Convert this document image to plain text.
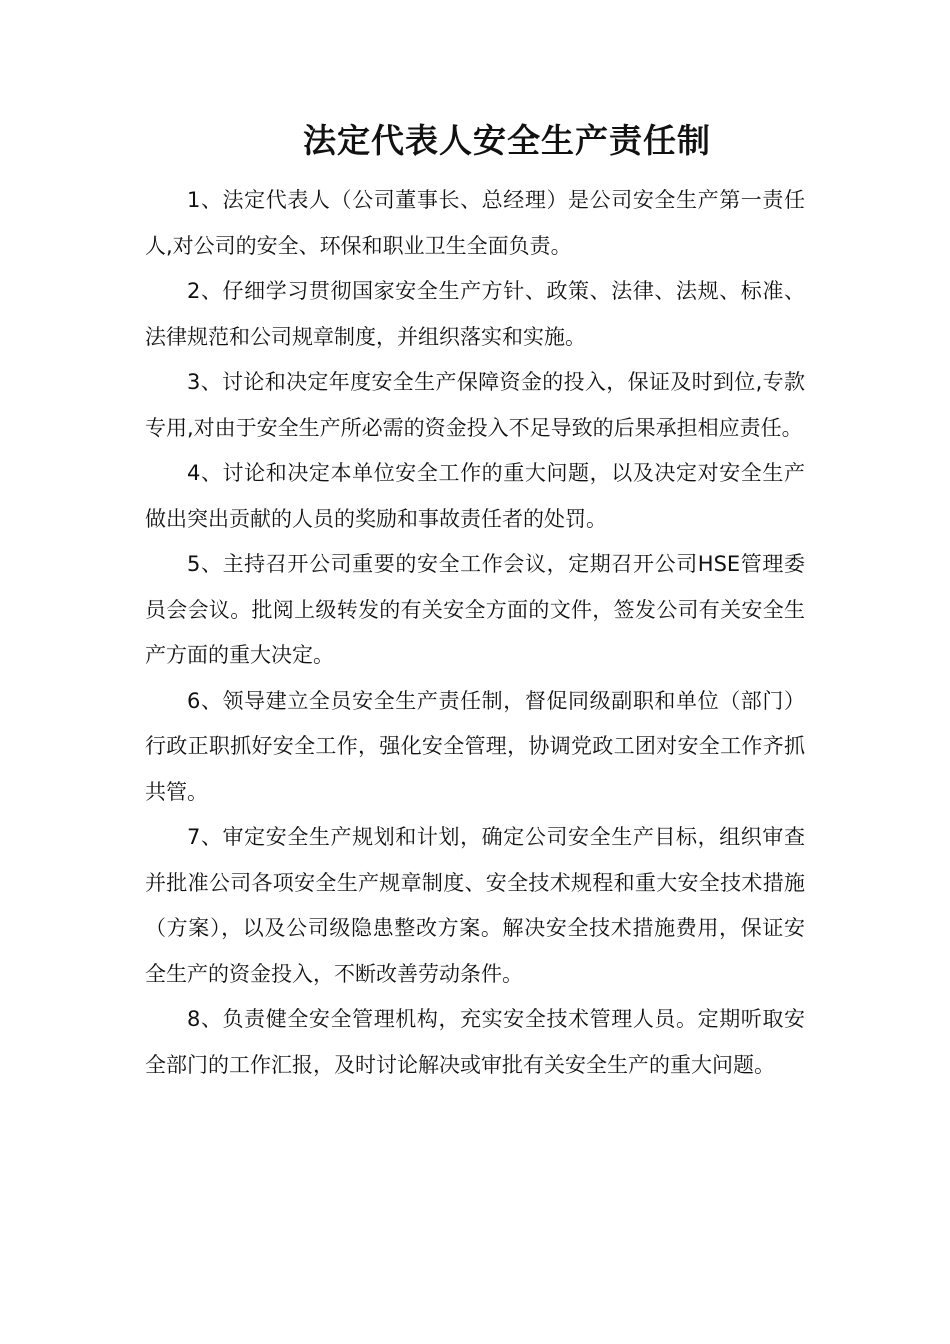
法定代表人安全生产责任制

1、法定代表人（公司董事长、总经理）是公司安全生产第一责任人,对公司的安全、环保和职业卫生全面负责。

2、仔细学习贯彻国家安全生产方针、政策、法律、法规、标准、法律规范和公司规章制度，并组织落实和实施。

3、讨论和决定年度安全生产保障资金的投入，保证及时到位,专款专用,对由于安全生产所必需的资金投入不足导致的后果承担相应责任。

4、讨论和决定本单位安全工作的重大问题，以及决定对安全生产做出突出贡献的人员的奖励和事故责任者的处罚。

5、主持召开公司重要的安全工作会议，定期召开公司HSE管理委员会会议。批阅上级转发的有关安全方面的文件，签发公司有关安全生产方面的重大决定。

6、领导建立全员安全生产责任制，督促同级副职和单位（部门）行政正职抓好安全工作，强化安全管理，协调党政工团对安全工作齐抓共管。

7、审定安全生产规划和计划，确定公司安全生产目标，组织审查并批准公司各项安全生产规章制度、安全技术规程和重大安全技术措施（方案），以及公司级隐患整改方案。解决安全技术措施费用，保证安全生产的资金投入，不断改善劳动条件。

8、负责健全安全管理机构，充实安全技术管理人员。定期听取安全部门的工作汇报，及时讨论解决或审批有关安全生产的重大问题。
